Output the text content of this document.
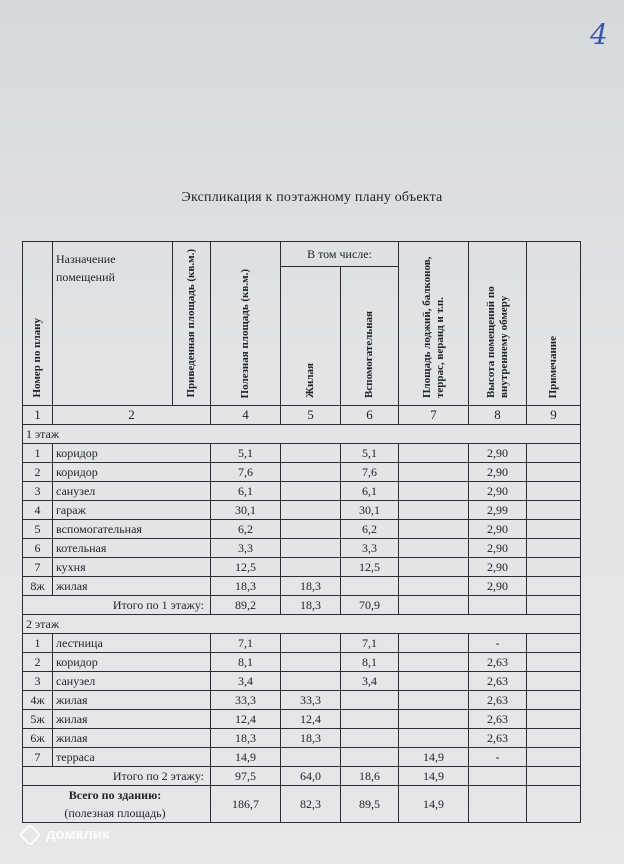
4
Экспликация к поэтажному плану объекта
Номер по плану	Назначение помещений	Приведенная площадь (кв.м.)	Полезная площадь (кв.м.)	В том числе:		Площадь лоджий, балконов, террас, веранд и т.п.	Высота помещений по внутреннему обмеру	Примечание
				Жилая	Вспомогательная			
1	2		4	5	6	7	8	9
1 этаж								
1	коридор		5,1		5,1		2,90	
2	коридор		7,6		7,6		2,90	
3	санузел		6,1		6,1		2,90	
4	гараж		30,1		30,1		2,99	
5	вспомогательная		6,2		6,2		2,90	
6	котельная		3,3		3,3		2,90	
7	кухня		12,5		12,5		2,90	
8ж	жилая		18,3	18,3			2,90	
Итого по 1 этажу:			89,2	18,3	70,9			
2 этаж								
1	лестница		7,1		7,1		-	
2	коридор		8,1		8,1		2,63	
3	санузел		3,4		3,4		2,63	
4ж	жилая		33,3	33,3			2,63	
5ж	жилая		12,4	12,4			2,63	
6ж	жилая		18,3	18,3			2,63	
7	терраса		14,9			14,9	-	
Итого по 2 этажу:			97,5	64,0	18,6	14,9		
Всего по зданию:
(полезная площадь)			186,7	82,3	89,5	14,9		
домклик
